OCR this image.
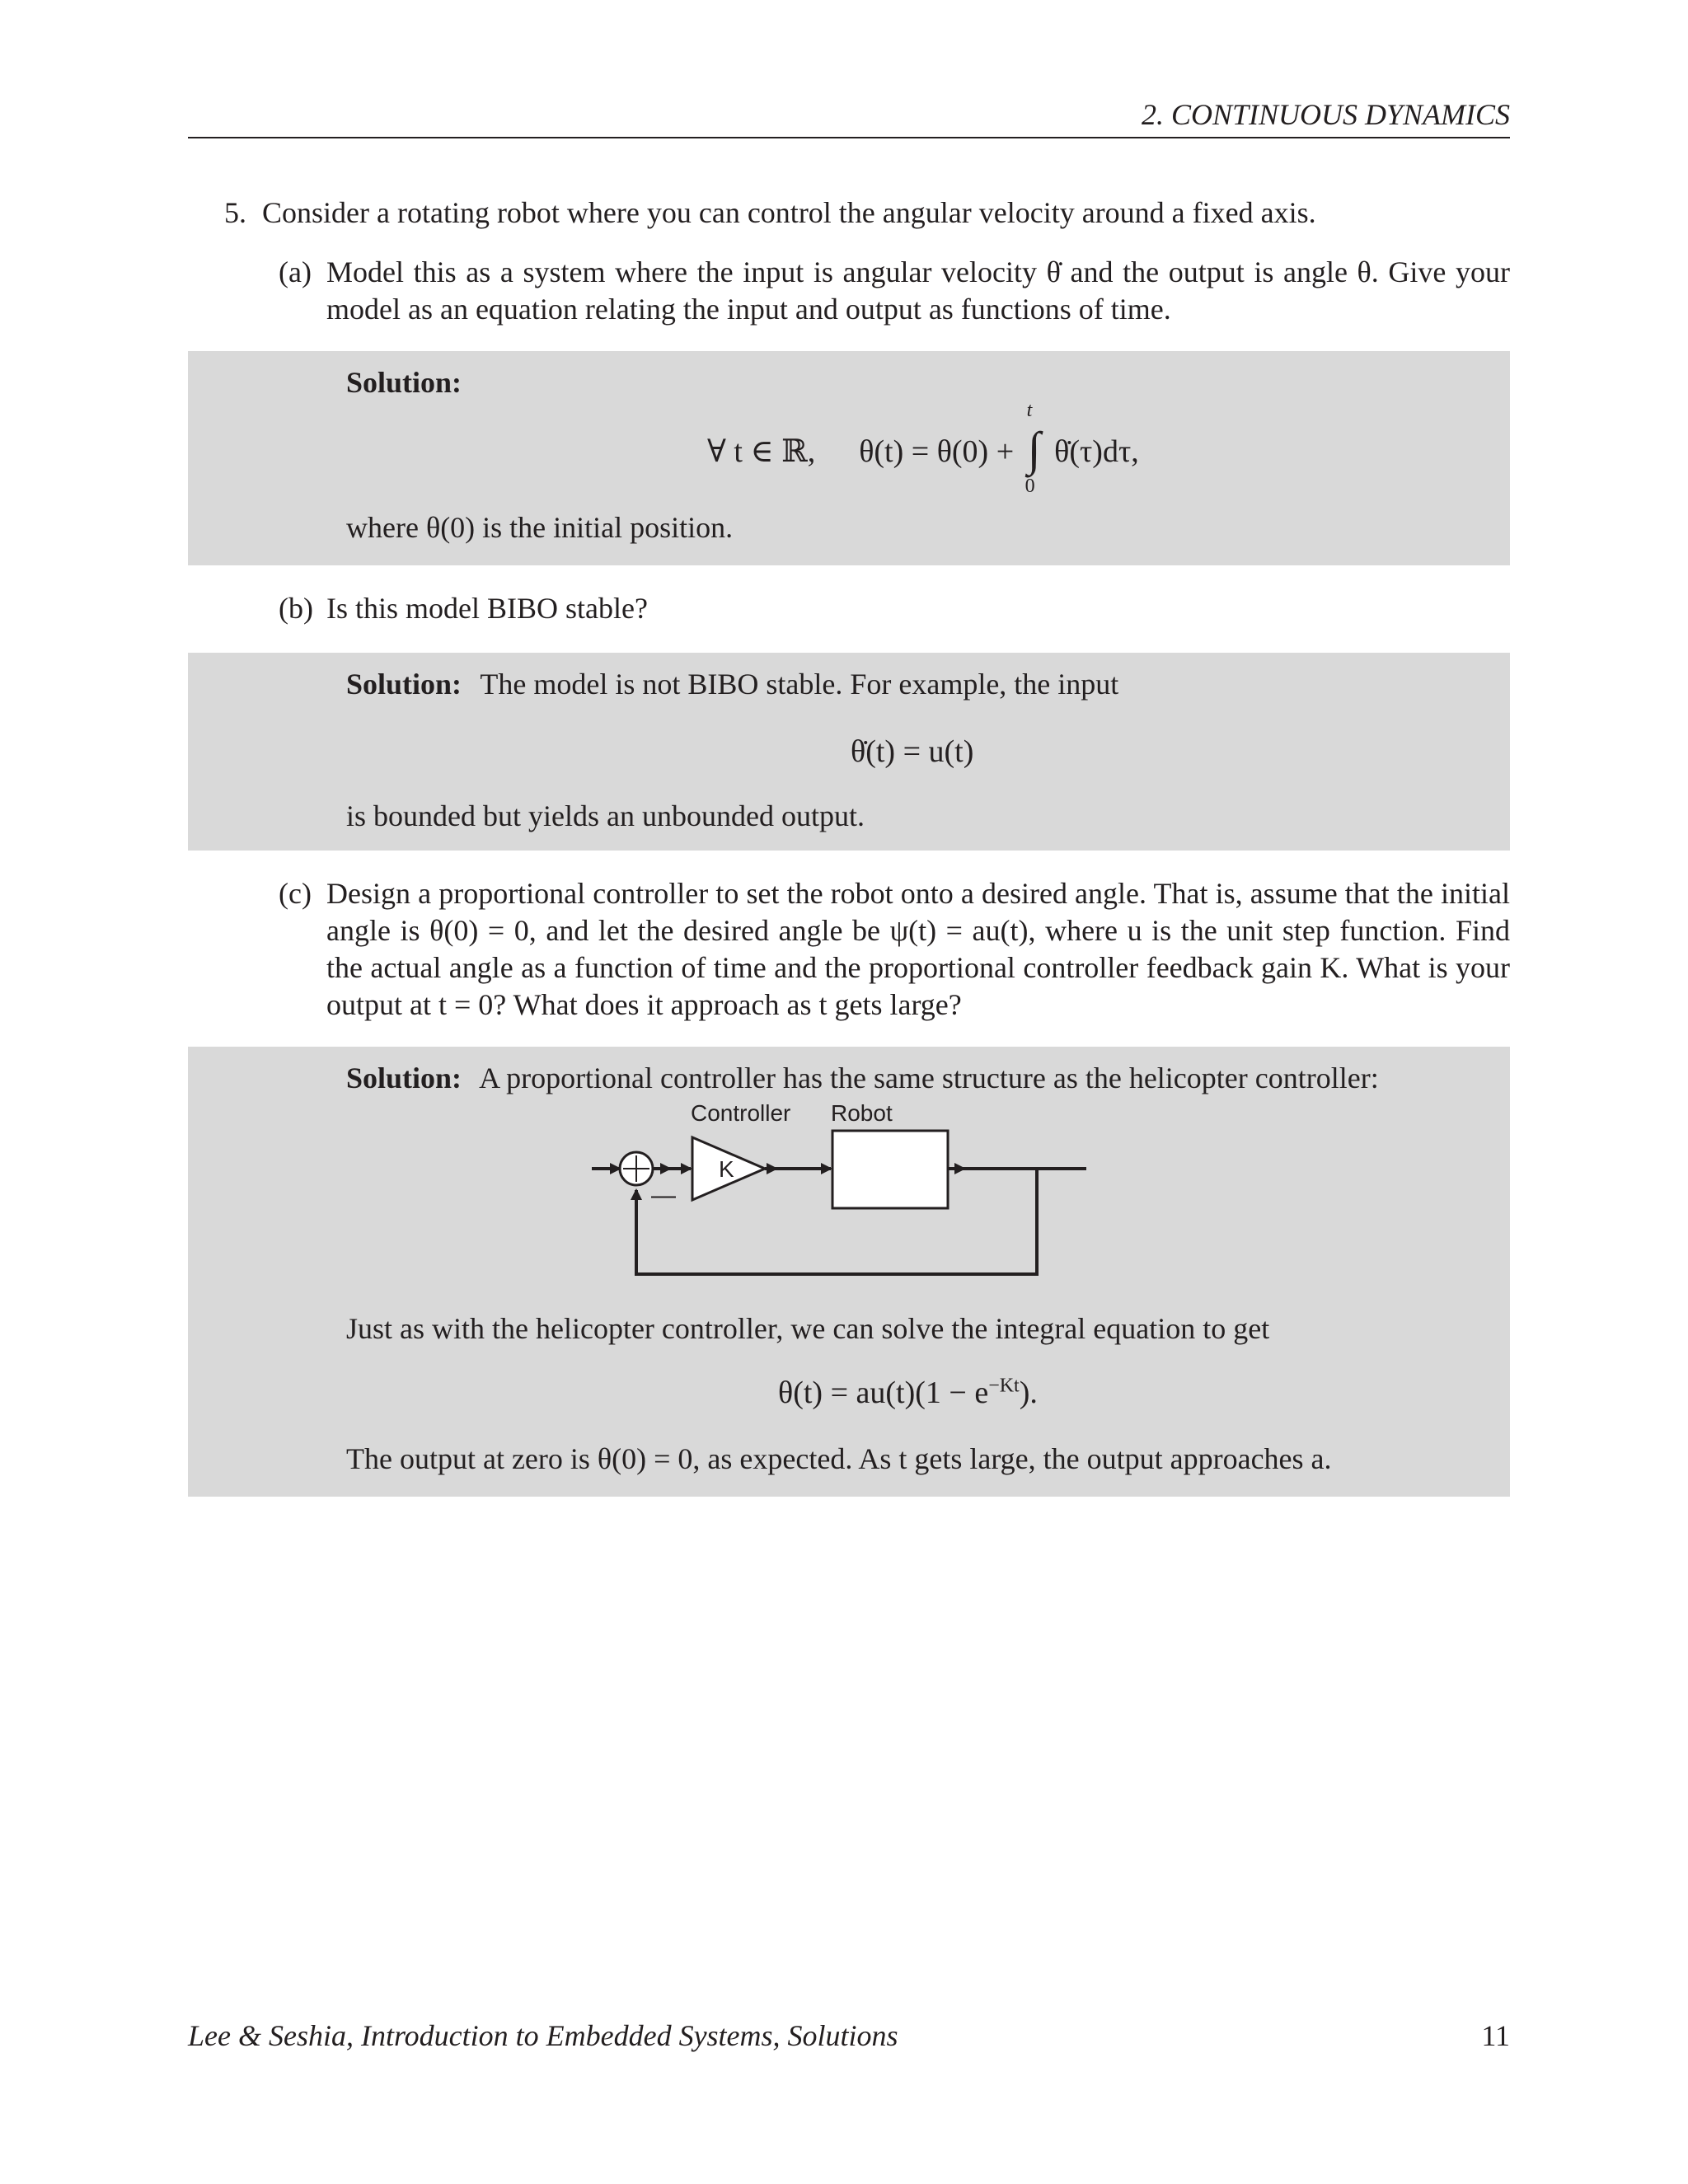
2. CONTINUOUS DYNAMICS
5. Consider a rotating robot where you can control the angular velocity around a fixed axis.
(a) Model this as a system where the input is angular velocity θ̇ and the output is angle θ. Give your
model as an equation relating the input and output as functions of time.
Solution:
∀ t ∈ ℝ, θ(t) = θ(0) +
t
∫
0
θ̇(τ)dτ,
where θ(0) is the initial position.
(b) Is this model BIBO stable?
Solution: The model is not BIBO stable. For example, the input
θ̇(t) = u(t)
is bounded but yields an unbounded output.
(c) Design a proportional controller to set the robot onto a desired angle. That is, assume that the initial
angle is θ(0) = 0, and let the desired angle be ψ(t) = au(t), where u is the unit step function. Find
the actual angle as a function of time and the proportional controller feedback gain K. What is your
output at t = 0? What does it approach as t gets large?
Solution: A proportional controller has the same structure as the helicopter controller:
Controller Robot
K
—
Just as with the helicopter controller, we can solve the integral equation to get
$\theta(t) = au(t)(1 - e^{-Kt})$.
The output at zero is θ(0) = 0, as expected. As t gets large, the output approaches a.
Lee & Seshia, Introduction to Embedded Systems, Solutions	11
